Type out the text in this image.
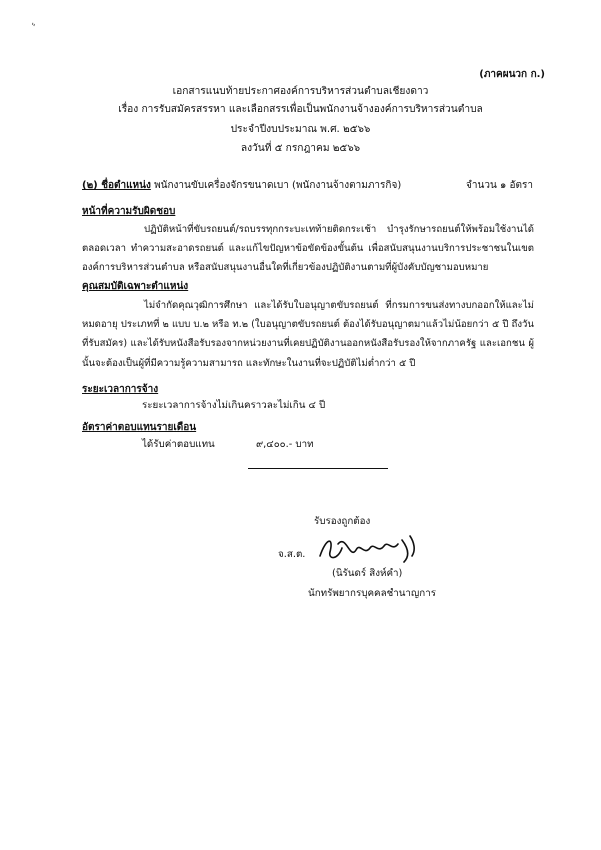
ܵ
(ภาคผนวก ก.)
เอกสารแนบท้ายประกาศองค์การบริหารส่วนตำบลเชียงดาว
เรื่อง การรับสมัครสรรหา และเลือกสรรเพื่อเป็นพนักงานจ้างองค์การบริหารส่วนตำบล
ประจำปีงบประมาณ พ.ศ. ๒๕๖๖
ลงวันที่ ๕ กรกฎาคม ๒๕๖๖
(๒) ชื่อตำแหน่ง พนักงานขับเครื่องจักรขนาดเบา (พนักงานจ้างตามภารกิจ)	จำนวน ๑ อัตรา
หน้าที่ความรับผิดชอบ

ปฏิบัติหน้าที่ขับรถยนต์/รถบรรทุกกระบะเทท้ายติดกระเช้า บำรุงรักษารถยนต์ให้พร้อมใช้งานได้ตลอดเวลา ทำความสะอาดรถยนต์ และแก้ไขปัญหาข้อขัดข้องขั้นต้น เพื่อสนับสนุนงานบริการประชาชนในเขตองค์การบริหารส่วนตำบล หรือสนับสนุนงานอื่นใดที่เกี่ยวข้องปฏิบัติงานตามที่ผู้บังคับบัญชามอบหมาย

คุณสมบัติเฉพาะตำแหน่ง

ไม่จำกัดคุณวุฒิการศึกษา และได้รับใบอนุญาตขับรถยนต์ ที่กรมการขนส่งทางบกออกให้และไม่หมดอายุ ประเภทที่ ๒ แบบ บ.๒ หรือ ท.๒ (ใบอนุญาตขับรถยนต์ ต้องได้รับอนุญาตมาแล้วไม่น้อยกว่า ๕ ปี ถึงวันที่รับสมัคร) และได้รับหนังสือรับรองจากหน่วยงานที่เคยปฏิบัติงานออกหนังสือรับรองให้จากภาครัฐ และเอกชน ผู้นั้นจะต้องเป็นผู้ที่มีความรู้ความสามารถ และทักษะในงานที่จะปฏิบัติไม่ต่ำกว่า ๕ ปี

ระยะเวลาการจ้าง
ระยะเวลาการจ้างไม่เกินคราวละไม่เกิน ๔ ปี
อัตราค่าตอบแทนรายเดือน
ได้รับค่าตอบแทน	๙,๔๐๐.- บาท
รับรองถูกต้อง
จ.ส.ต.
(นิรันดร์ สิงห์คำ)
นักทรัพยากรบุคคลชำนาญการ
